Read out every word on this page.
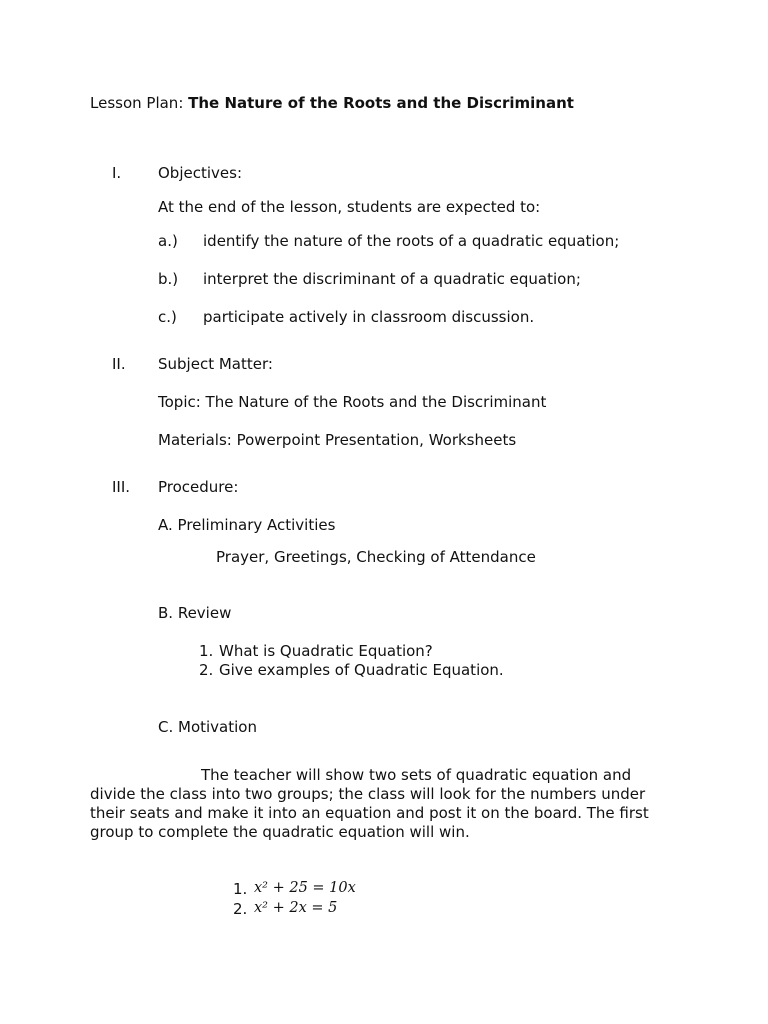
Lesson Plan: The Nature of the Roots and the Discriminant
I. Objectives:
At the end of the lesson, students are expected to:
a.) identify the nature of the roots of a quadratic equation;
b.) interpret the discriminant of a quadratic equation;
c.) participate actively in classroom discussion.
II. Subject Matter:
Topic: The Nature of the Roots and the Discriminant
Materials: Powerpoint Presentation, Worksheets
III. Procedure:
A. Preliminary Activities
Prayer, Greetings, Checking of Attendance
B. Review
1. What is Quadratic Equation?
2. Give examples of Quadratic Equation.
C. Motivation
The teacher will show two sets of quadratic equation and divide the class into two groups; the class will look for the numbers under their seats and make it into an equation and post it on the board. The first group to complete the quadratic equation will win.
1. x² + 25 = 10x
2. x² + 2x = 5
